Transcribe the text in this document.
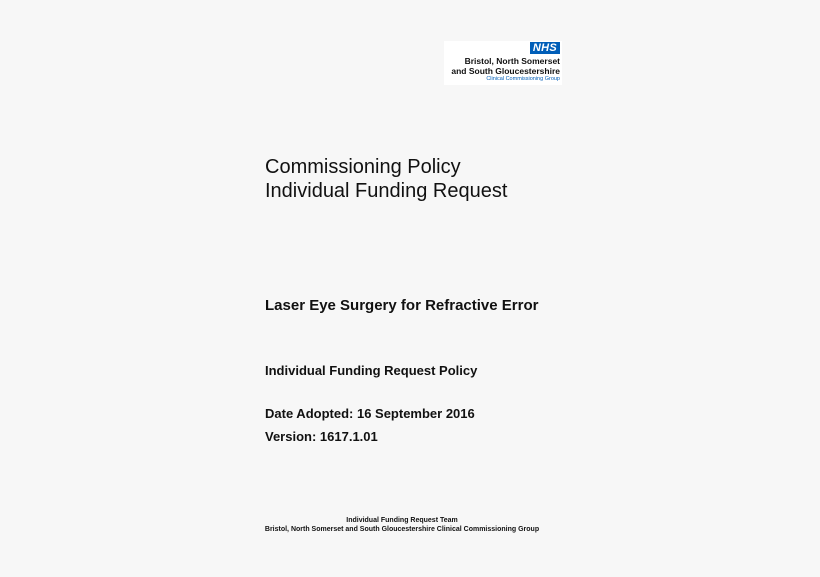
NHS
Bristol, North Somerset
and South Gloucestershire
Clinical Commissioning Group
Commissioning Policy
Individual Funding Request
Laser Eye Surgery for Refractive Error
Individual Funding Request Policy
Date Adopted: 16 September 2016
Version: 1617.1.01
Individual Funding Request Team
Bristol, North Somerset and South Gloucestershire Clinical Commissioning Group
